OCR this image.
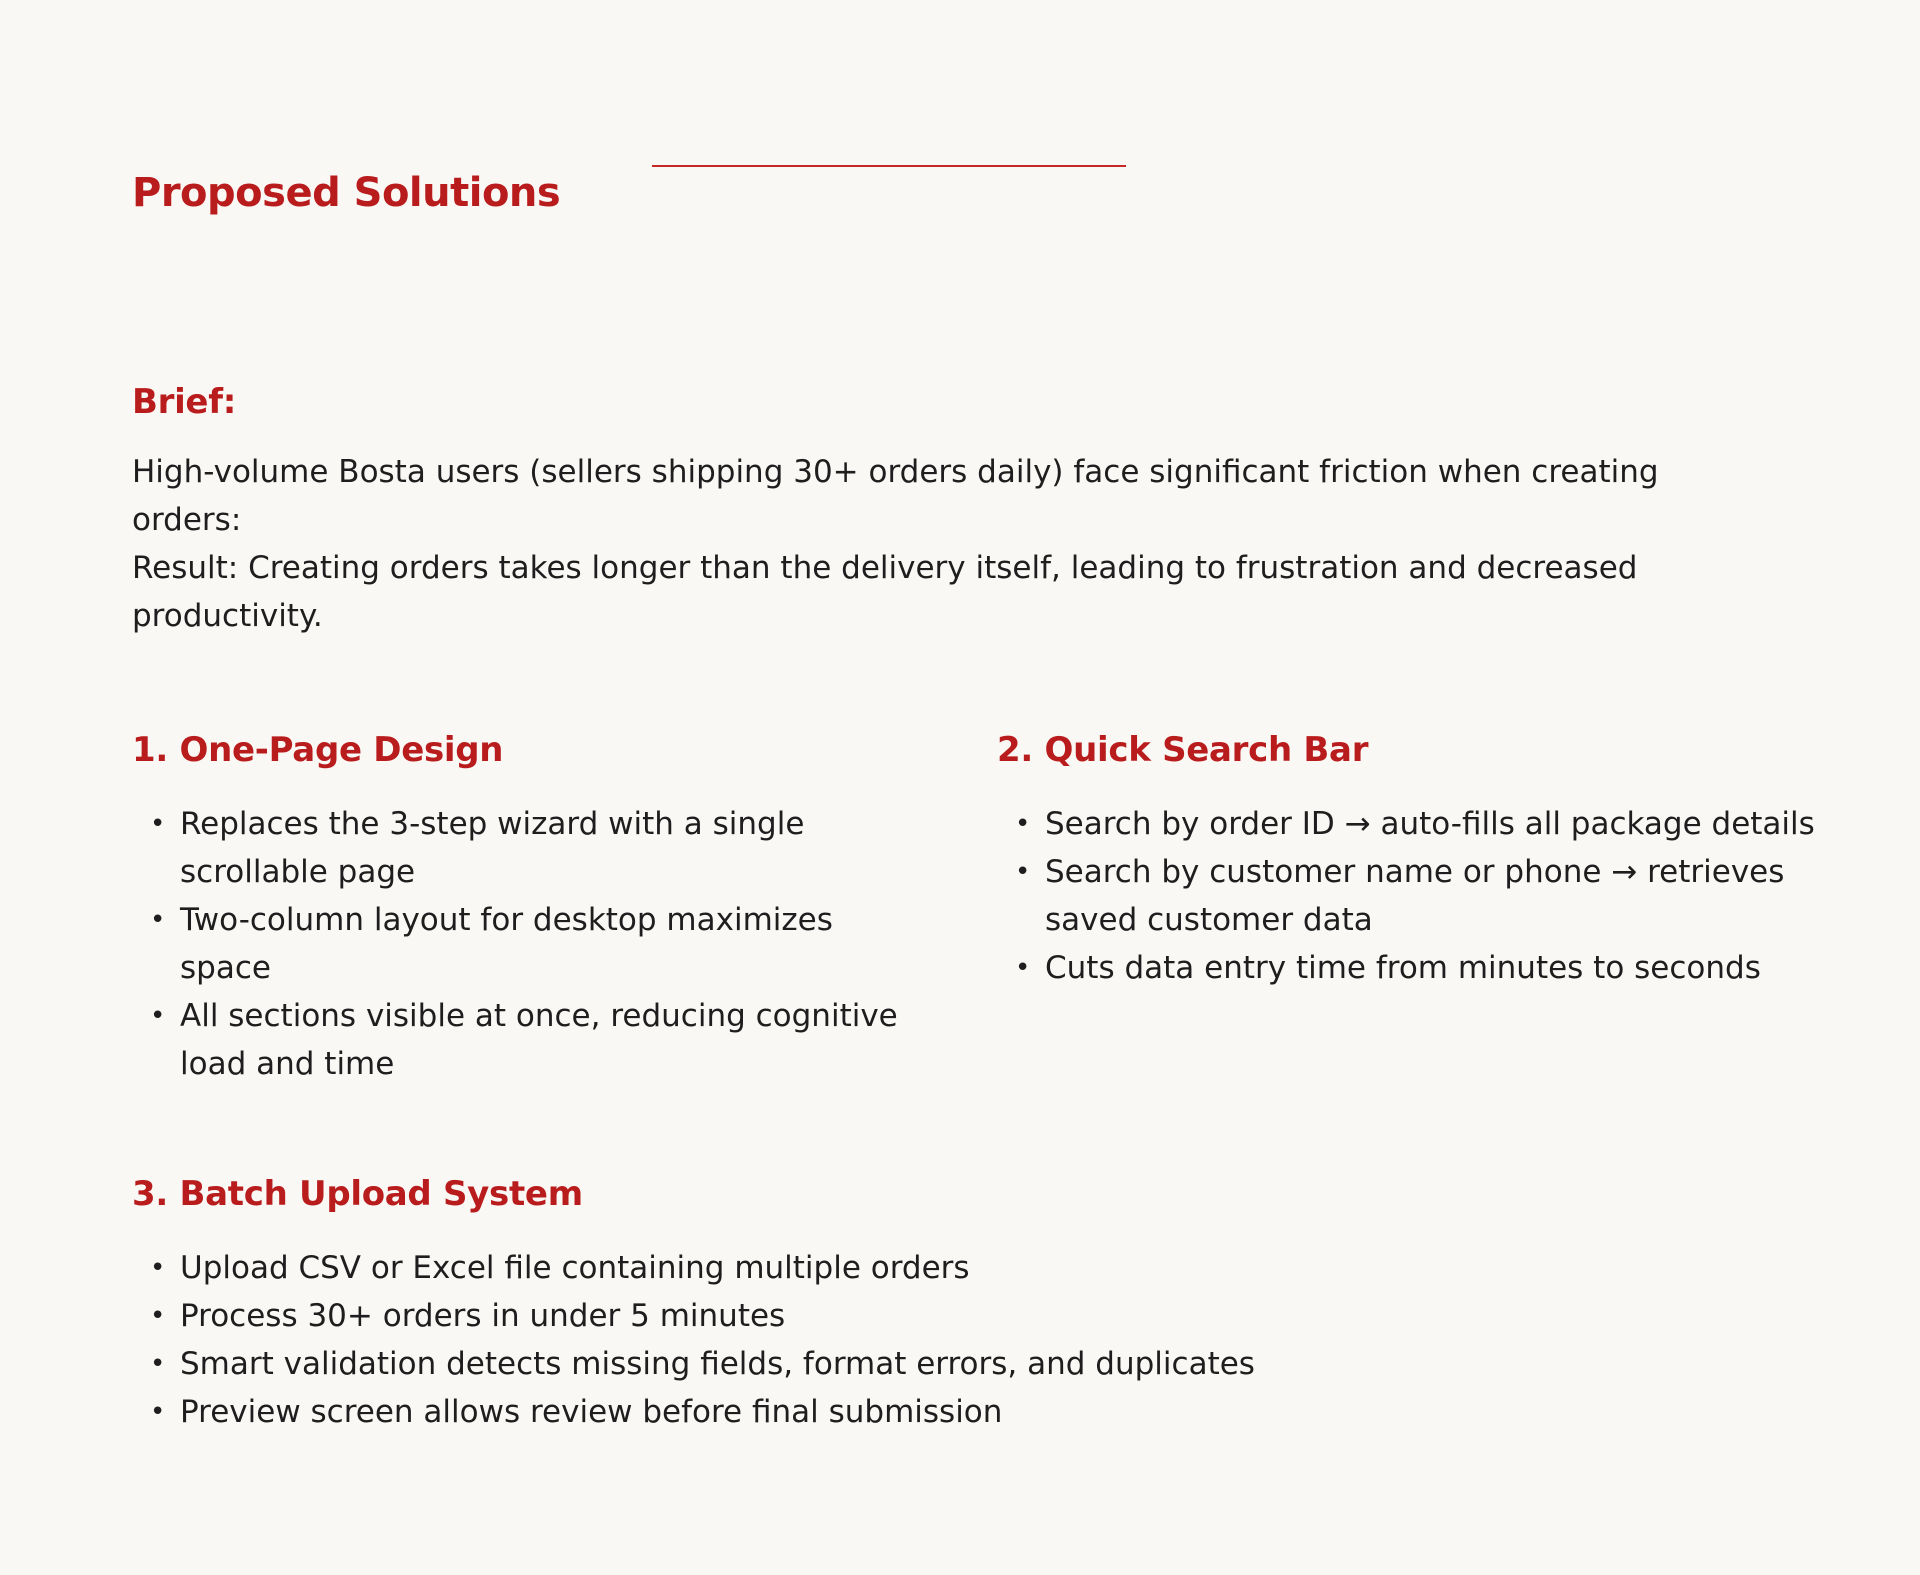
Proposed Solutions
Brief:

High-volume Bosta users (sellers shipping 30+ orders daily) face significant friction when creating orders:

Result: Creating orders takes longer than the delivery itself, leading to frustration and decreased productivity.

1. One-Page Design
• Replaces the 3-step wizard with a single scrollable page
• Two-column layout for desktop maximizes space
• All sections visible at once, reducing cognitive load and time
2. Quick Search Bar
• Search by order ID → auto-fills all package details
• Search by customer name or phone → retrieves saved customer data
• Cuts data entry time from minutes to seconds
3. Batch Upload System
• Upload CSV or Excel file containing multiple orders
• Process 30+ orders in under 5 minutes
• Smart validation detects missing fields, format errors, and duplicates
• Preview screen allows review before final submission
